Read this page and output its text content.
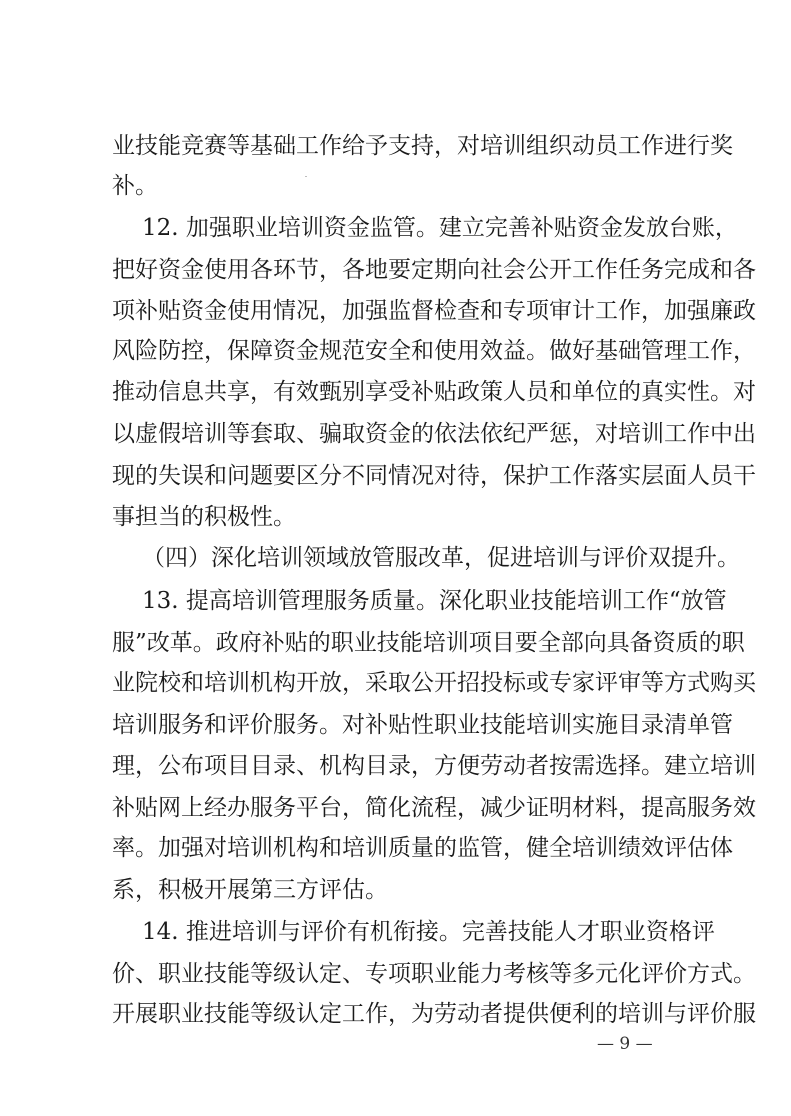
业技能竞赛等基础工作给予支持，对培训组织动员工作进行奖
补。
12. 加强职业培训资金监管。建立完善补贴资金发放台账，
把好资金使用各环节，各地要定期向社会公开工作任务完成和各
项补贴资金使用情况，加强监督检查和专项审计工作，加强廉政
风险防控，保障资金规范安全和使用效益。做好基础管理工作，
推动信息共享，有效甄别享受补贴政策人员和单位的真实性。对
以虚假培训等套取、骗取资金的依法依纪严惩，对培训工作中出
现的失误和问题要区分不同情况对待，保护工作落实层面人员干
事担当的积极性。
（四）深化培训领域放管服改革，促进培训与评价双提升。
13. 提高培训管理服务质量。深化职业技能培训工作“放管
服”改革。政府补贴的职业技能培训项目要全部向具备资质的职
业院校和培训机构开放，采取公开招投标或专家评审等方式购买
培训服务和评价服务。对补贴性职业技能培训实施目录清单管
理，公布项目目录、机构目录，方便劳动者按需选择。建立培训
补贴网上经办服务平台，简化流程，减少证明材料，提高服务效
率。加强对培训机构和培训质量的监管，健全培训绩效评估体
系，积极开展第三方评估。
14. 推进培训与评价有机衔接。完善技能人才职业资格评
价、职业技能等级认定、专项职业能力考核等多元化评价方式。
开展职业技能等级认定工作，为劳动者提供便利的培训与评价服
— 9 —
